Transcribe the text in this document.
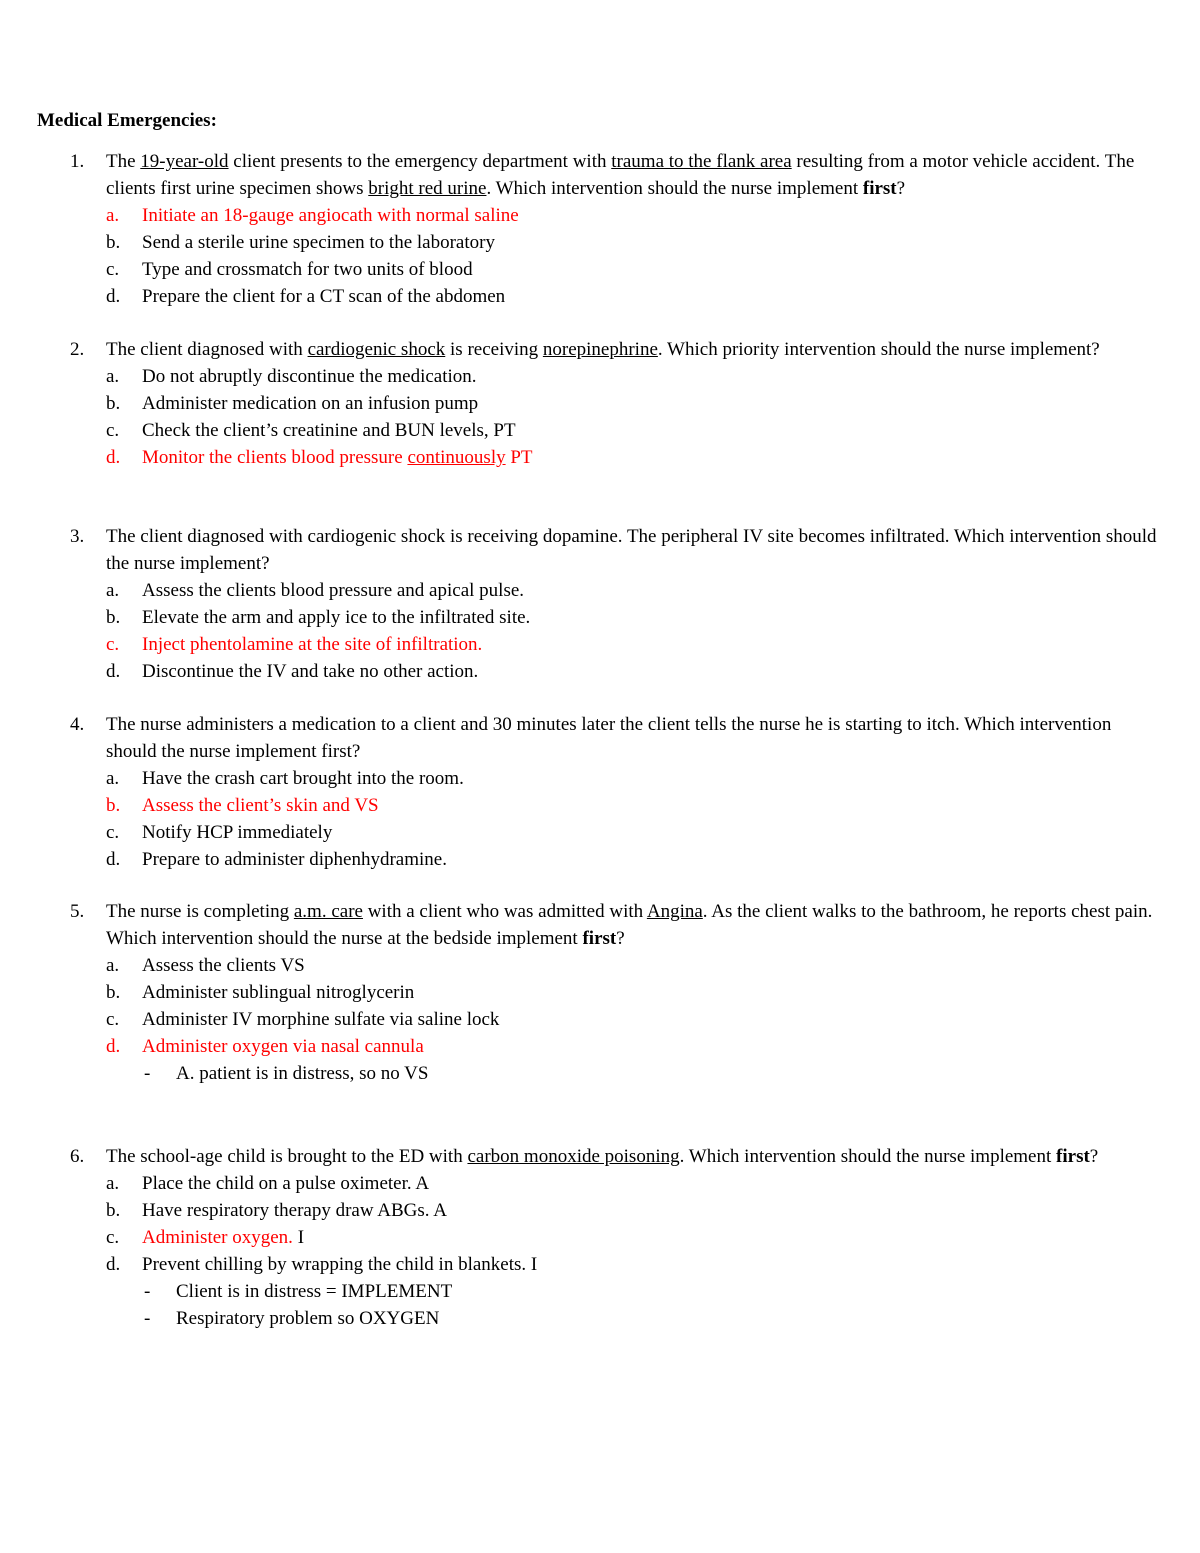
Medical Emergencies:
1.	The 19-year-old client presents to the emergency department with trauma to the flank area resulting from a motor vehicle accident. The clients first urine specimen shows bright red urine. Which intervention should the nurse implement first?
a. Initiate an 18-gauge angiocath with normal saline
b. Send a sterile urine specimen to the laboratory
c. Type and crossmatch for two units of blood
d. Prepare the client for a CT scan of the abdomen
2.	The client diagnosed with cardiogenic shock is receiving norepinephrine. Which priority intervention should the nurse implement?
a. Do not abruptly discontinue the medication.
b. Administer medication on an infusion pump
c. Check the client’s creatinine and BUN levels, PT
d. Monitor the clients blood pressure continuously PT
3.	The client diagnosed with cardiogenic shock is receiving dopamine. The peripheral IV site becomes infiltrated. Which intervention should the nurse implement?
a. Assess the clients blood pressure and apical pulse.
b. Elevate the arm and apply ice to the infiltrated site.
c. Inject phentolamine at the site of infiltration.
d. Discontinue the IV and take no other action.
4.	The nurse administers a medication to a client and 30 minutes later the client tells the nurse he is starting to itch. Which intervention should the nurse implement first?
a. Have the crash cart brought into the room.
b. Assess the client’s skin and VS
c. Notify HCP immediately
d. Prepare to administer diphenhydramine.
5.	The nurse is completing a.m. care with a client who was admitted with Angina. As the client walks to the bathroom, he reports chest pain. Which intervention should the nurse at the bedside implement first?
a. Assess the clients VS
b. Administer sublingual nitroglycerin
c. Administer IV morphine sulfate via saline lock
d. Administer oxygen via nasal cannula
- A. patient is in distress, so no VS
6.	The school-age child is brought to the ED with carbon monoxide poisoning. Which intervention should the nurse implement first?
a. Place the child on a pulse oximeter. A
b. Have respiratory therapy draw ABGs. A
c. Administer oxygen. I
d. Prevent chilling by wrapping the child in blankets. I
- Client is in distress = IMPLEMENT
- Respiratory problem so OXYGEN
